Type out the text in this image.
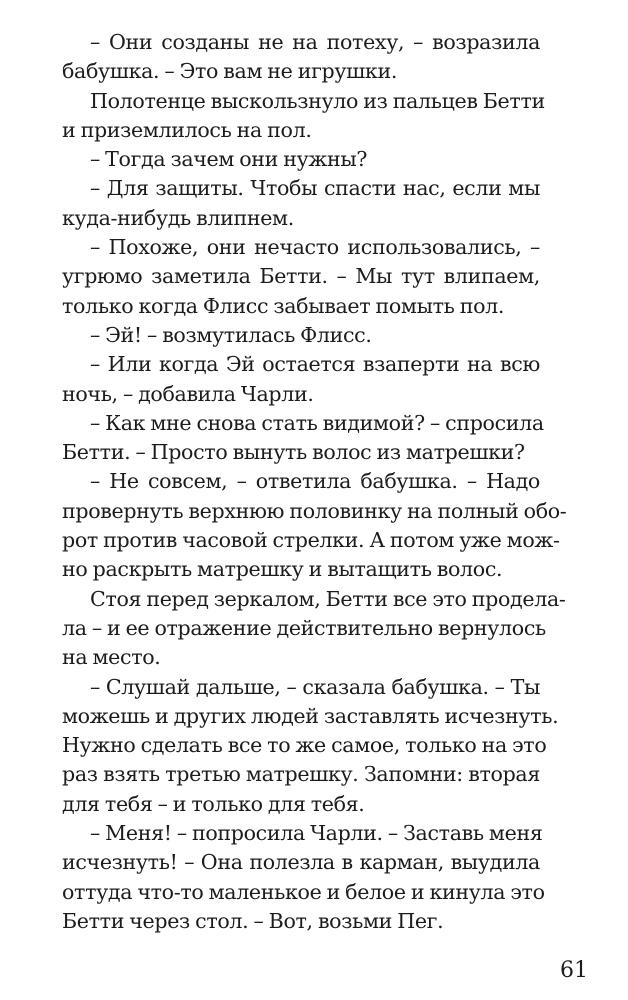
– Они созданы не на потеху, – возразила
бабушка. – Это вам не игрушки.
Полотенце выскользнуло из пальцев Бетти
и приземлилось на пол.
– Тогда зачем они нужны?
– Для защиты. Чтобы спасти нас, если мы
куда-нибудь влипнем.
– Похоже, они нечасто использовались, –
угрюмо заметила Бетти. – Мы тут влипаем,
только когда Флисс забывает помыть пол.
– Эй! – возмутилась Флисс.
– Или когда Эй остается взаперти на всю
ночь, – добавила Чарли.
– Как мне снова стать видимой? – спросила
Бетти. – Просто вынуть волос из матрешки?
– Не совсем, – ответила бабушка. – Надо
провернуть верхнюю половинку на полный обо-
рот против часовой стрелки. А потом уже мож-
но раскрыть матрешку и вытащить волос.
Стоя перед зеркалом, Бетти все это проделa-
ла – и ее отражение действительно вернулось
на место.
– Слушай дальше, – сказала бабушка. – Ты
можешь и других людей заставлять исчезнуть.
Нужно сделать все то же самое, только на это
раз взять третью матрешку. Запомни: вторая
для тебя – и только для тебя.
– Меня! – попросила Чарли. – Заставь меня
исчезнуть! – Она полезла в карман, выудила
оттуда что-то маленькое и белое и кинула это
Бетти через стол. – Вот, возьми Пег.
61
